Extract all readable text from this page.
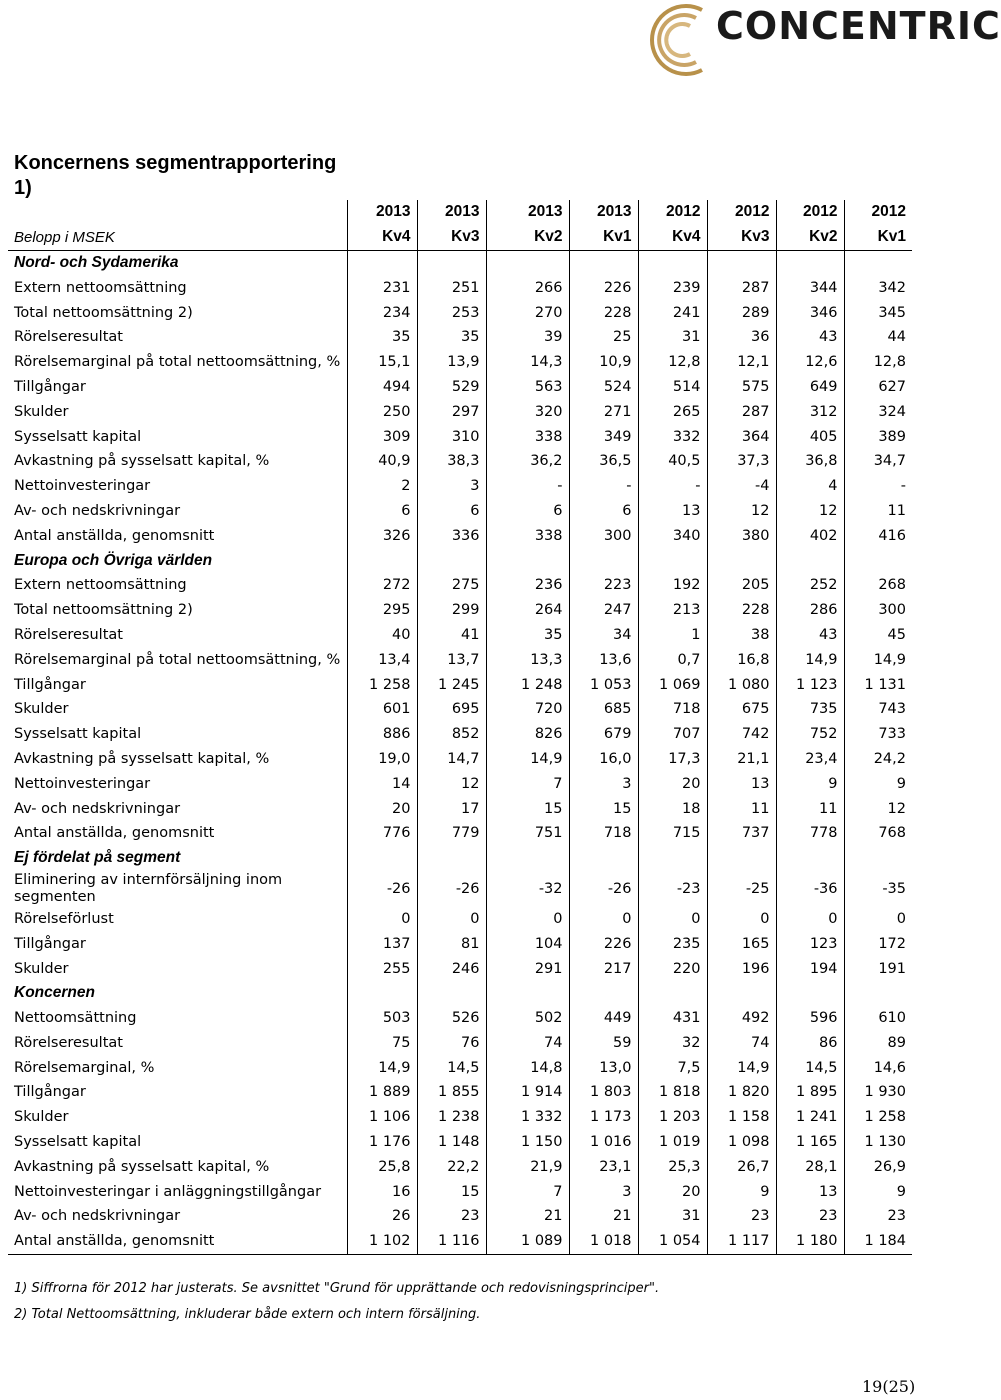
CONCENTRIC
Koncernens segmentrapportering 1)
	2013	2013	2013	2013	2012	2012	2012	2012
Belopp i MSEK	Kv4	Kv3	Kv2	Kv1	Kv4	Kv3	Kv2	Kv1
Nord- och Sydamerika								
Extern nettoomsättning	231	251	266	226	239	287	344	342
Total nettoomsättning 2)	234	253	270	228	241	289	346	345
Rörelseresultat	35	35	39	25	31	36	43	44
Rörelsemarginal på total nettoomsättning, %	15,1	13,9	14,3	10,9	12,8	12,1	12,6	12,8
Tillgångar	494	529	563	524	514	575	649	627
Skulder	250	297	320	271	265	287	312	324
Sysselsatt kapital	309	310	338	349	332	364	405	389
Avkastning på sysselsatt kapital, %	40,9	38,3	36,2	36,5	40,5	37,3	36,8	34,7
Nettoinvesteringar	2	3	-	-	-	-4	4	-
Av- och nedskrivningar	6	6	6	6	13	12	12	11
Antal anställda, genomsnitt	326	336	338	300	340	380	402	416
Europa och Övriga världen								
Extern nettoomsättning	272	275	236	223	192	205	252	268
Total nettoomsättning 2)	295	299	264	247	213	228	286	300
Rörelseresultat	40	41	35	34	1	38	43	45
Rörelsemarginal på total nettoomsättning, %	13,4	13,7	13,3	13,6	0,7	16,8	14,9	14,9
Tillgångar	1 258	1 245	1 248	1 053	1 069	1 080	1 123	1 131
Skulder	601	695	720	685	718	675	735	743
Sysselsatt kapital	886	852	826	679	707	742	752	733
Avkastning på sysselsatt kapital, %	19,0	14,7	14,9	16,0	17,3	21,1	23,4	24,2
Nettoinvesteringar	14	12	7	3	20	13	9	9
Av- och nedskrivningar	20	17	15	15	18	11	11	12
Antal anställda, genomsnitt	776	779	751	718	715	737	778	768
Ej fördelat på segment								
Eliminering av internförsäljning inom segmenten	-26	-26	-32	-26	-23	-25	-36	-35
Rörelseförlust	0	0	0	0	0	0	0	0
Tillgångar	137	81	104	226	235	165	123	172
Skulder	255	246	291	217	220	196	194	191
Koncernen								
Nettoomsättning	503	526	502	449	431	492	596	610
Rörelseresultat	75	76	74	59	32	74	86	89
Rörelsemarginal, %	14,9	14,5	14,8	13,0	7,5	14,9	14,5	14,6
Tillgångar	1 889	1 855	1 914	1 803	1 818	1 820	1 895	1 930
Skulder	1 106	1 238	1 332	1 173	1 203	1 158	1 241	1 258
Sysselsatt kapital	1 176	1 148	1 150	1 016	1 019	1 098	1 165	1 130
Avkastning på sysselsatt kapital, %	25,8	22,2	21,9	23,1	25,3	26,7	28,1	26,9
Nettoinvesteringar i anläggningstillgångar	16	15	7	3	20	9	13	9
Av- och nedskrivningar	26	23	21	21	31	23	23	23
Antal anställda, genomsnitt	1 102	1 116	1 089	1 018	1 054	1 117	1 180	1 184

1) Siffrorna för 2012 har justerats. Se avsnittet "Grund för upprättande och redovisningsprinciper".

2) Total Nettoomsättning, inkluderar både extern och intern försäljning.

19(25)
